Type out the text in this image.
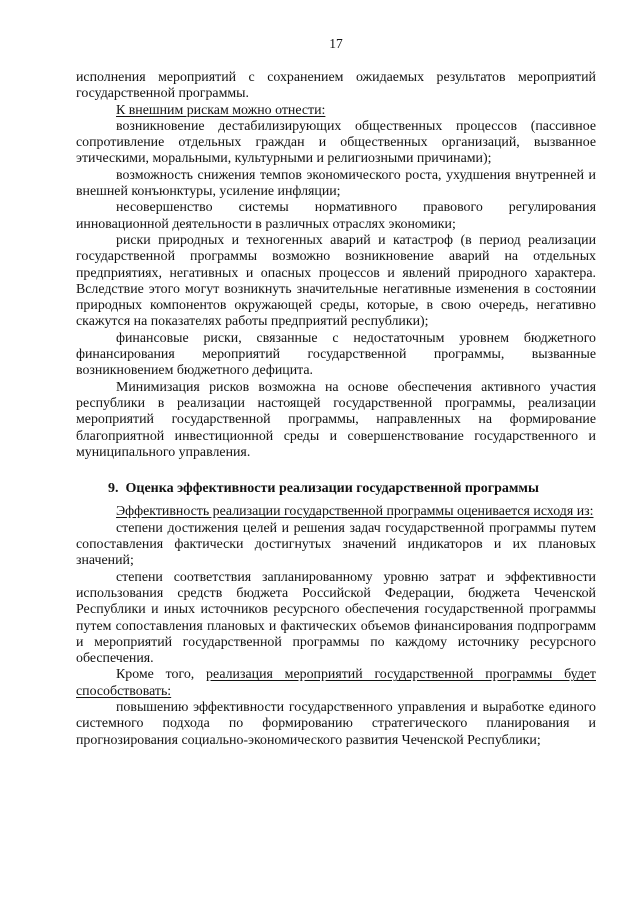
17

исполнения мероприятий с сохранением ожидаемых результатов мероприятий государственной программы.

К внешним рискам можно отнести:

возникновение дестабилизирующих общественных процессов (пассивное сопротивление отдельных граждан и общественных организаций, вызванное этическими, моральными, культурными и религиозными причинами);

возможность снижения темпов экономического роста, ухудшения внутренней и внешней конъюнктуры, усиление инфляции;

несовершенство системы нормативного правового регулирования инновационной деятельности в различных отраслях экономики;

риски природных и техногенных аварий и катастроф (в период реализации государственной программы возможно возникновение аварий на отдельных предприятиях, негативных и опасных процессов и явлений природного характера. Вследствие этого могут возникнуть значительные негативные изменения в состоянии природных компонентов окружающей среды, которые, в свою очередь, негативно скажутся на показателях работы предприятий республики);

финансовые риски, связанные с недостаточным уровнем бюджетного финансирования мероприятий государственной программы, вызванные возникновением бюджетного дефицита.

Минимизация рисков возможна на основе обеспечения активного участия республики в реализации настоящей государственной программы, реализации мероприятий государственной программы, направленных на формирование благоприятной инвестиционной среды и совершенствование государственного и муниципального управления.

9.  Оценка эффективности реализации государственной программы

Эффективность реализации государственной программы оценивается исходя из:

степени достижения целей и решения задач государственной программы путем сопоставления фактически достигнутых значений индикаторов и их плановых значений;

степени соответствия запланированному уровню затрат и эффективности использования средств бюджета Российской Федерации, бюджета Чеченской Республики и иных источников ресурсного обеспечения государственной программы путем сопоставления плановых и фактических объемов финансирования подпрограмм и мероприятий государственной программы по каждому источнику ресурсного обеспечения.

Кроме того, реализация мероприятий государственной программы будет способствовать:

повышению эффективности государственного управления и выработке единого системного подхода по формированию стратегического планирования и прогнозирования социально-экономического развития Чеченской Республики;
